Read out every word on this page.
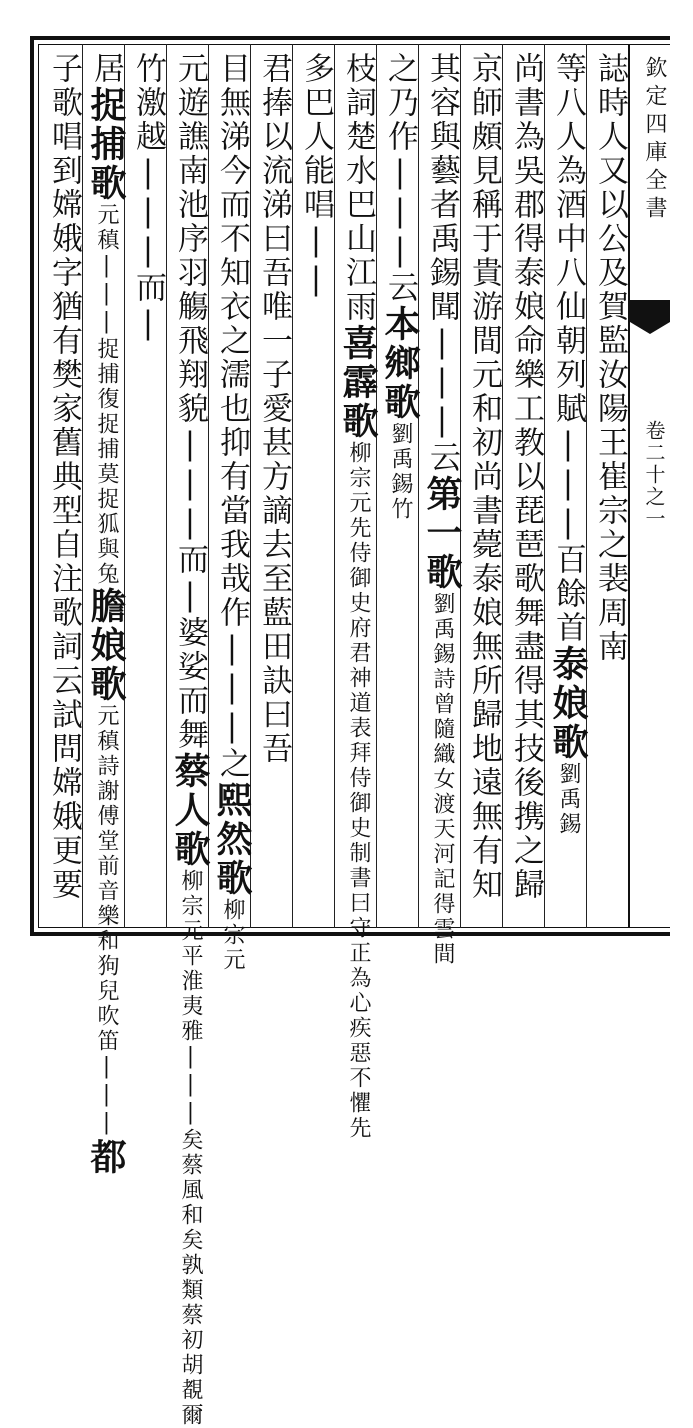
欽定四庫全書
卷二十之一
誌時人又以公及賀監汝陽王崔宗之裴周南
等八人為酒中八仙朝列賦|||百餘首泰娘歌劉禹錫
尚書為吳郡得泰娘命樂工教以琵琶歌舞盡得其技後携之歸
京師頗見稱于貴游間元和初尚書薨泰娘無所歸地遠無有知
其容與藝者禹錫聞|||云第一歌劉禹錫詩曾隨織女渡天河記得雲間
之乃作|||云本鄉歌劉禹錫竹
枝詞楚水巴山江雨喜霹歌柳宗元先侍御史府君神道表拜侍御史制書曰守正為心疾惡不懼先
多巴人能唱||
君捧以流涕曰吾唯一子愛甚方謫去至藍田訣曰吾
目無涕今而不知衣之濡也抑有當我哉作|||之熙然歌柳宗元
元遊譙南池序羽觴飛翔貌|||而|婆娑而舞蔡人歌柳宗元平淮夷雅|||矣蔡風和矣孰類蔡初胡覩爾
竹激越|||而|
居捉捕歌元稹|||捉捕復捉捕莫捉狐與兔膽娘歌元稹詩謝傅堂前音樂和狗兒吹笛|||都
子歌唱到嫦娥字猶有樊家舊典型自注歌詞云試問嫦娥更要
